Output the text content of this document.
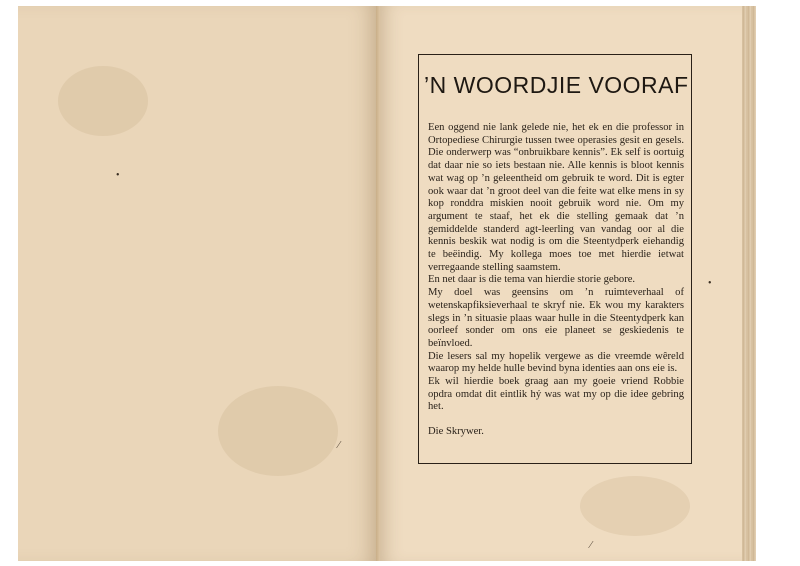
•
•
⁄
⁄
’N WOORDJIE VOORAF

Een oggend nie lank gelede nie, het ek en die professor in Ortopediese Chirurgie tussen twee operasies gesit en gesels. Die onderwerp was “onbruikbare kennis”. Ek self is oortuig dat daar nie so iets bestaan nie. Alle kennis is bloot kennis wat wag op ’n geleentheid om gebruik te word. Dit is egter ook waar dat ’n groot deel van die feite wat elke mens in sy kop ronddra miskien nooit gebruik word nie. Om my argument te staaf, het ek die stelling gemaak dat ’n gemiddelde standerd agt-leerling van vandag oor al die kennis beskik wat nodig is om die Steentydperk eiehandig te beëindig. My kollega moes toe met hierdie ietwat verregaande stelling saamstem.

En net daar is die tema van hierdie storie gebore.

My doel was geensins om ’n ruimteverhaal of wetenskapfiksieverhaal te skryf nie. Ek wou my karakters slegs in ’n situasie plaas waar hulle in die Steentydperk kan oorleef sonder om ons eie planeet se geskiedenis te beïnvloed.

Die lesers sal my hopelik vergewe as die vreemde wêreld waarop my helde hulle bevind byna identies aan ons eie is.

Ek wil hierdie boek graag aan my goeie vriend Robbie opdra omdat dit eintlik hý was wat my op die idee gebring het.

Die Skrywer.
